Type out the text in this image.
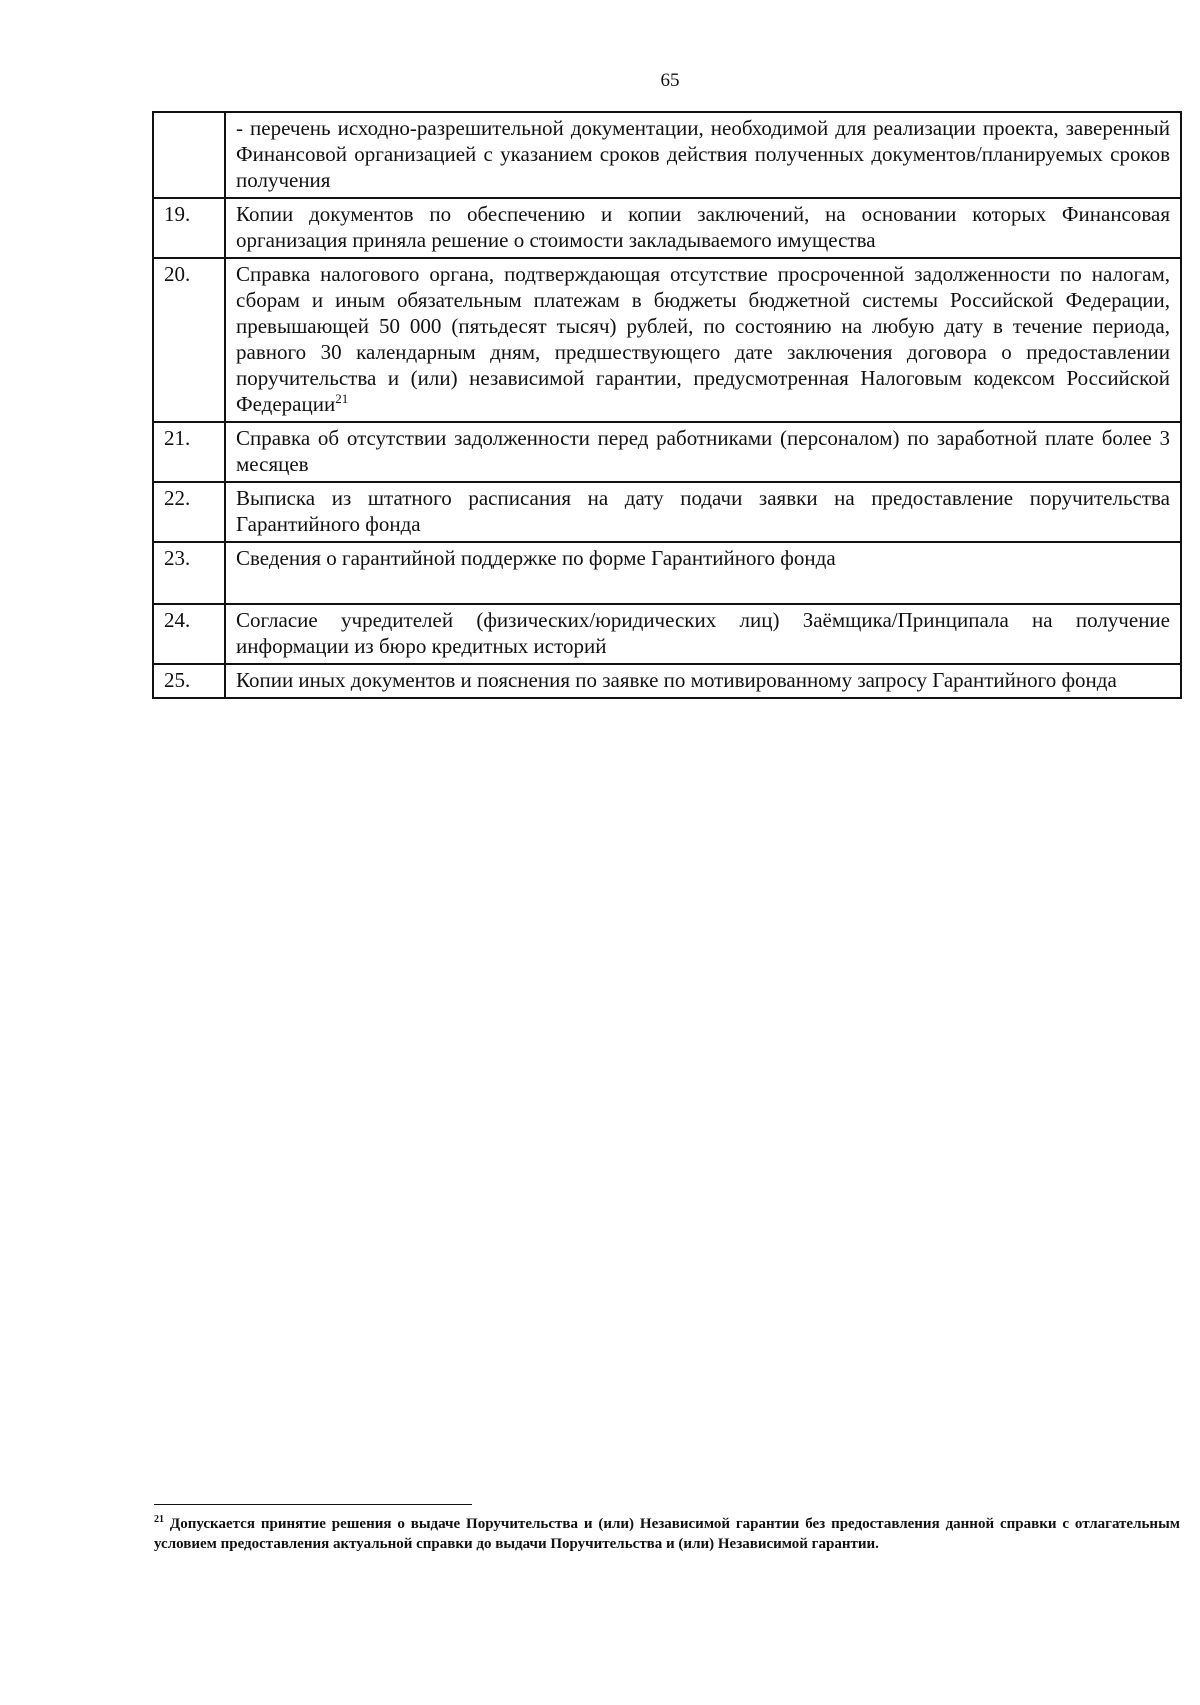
65
	- перечень исходно-разрешительной документации, необходимой для реализации проекта, заверенный Финансовой организацией с указанием сроков действия полученных документов/планируемых сроков получения
19.	Копии документов по обеспечению и копии заключений, на основании которых Финансовая организация приняла решение о стоимости закладываемого имущества
20.	Справка налогового органа, подтверждающая отсутствие просроченной задолженности по налогам, сборам и иным обязательным платежам в бюджеты бюджетной системы Российской Федерации, превышающей 50 000 (пятьдесят тысяч) рублей, по состоянию на любую дату в течение периода, равного 30 календарным дням, предшествующего дате заключения договора о предоставлении поручительства и (или) независимой гарантии, предусмотренная Налоговым кодексом Российской Федерации$^{21}$
21.	Справка об отсутствии задолженности перед работниками (персоналом) по заработной плате более 3 месяцев
22.	Выписка из штатного расписания на дату подачи заявки на предоставление поручительства Гарантийного фонда
23.	Сведения о гарантийной поддержке по форме Гарантийного фонда
24.	Согласие учредителей (физических/юридических лиц) Заёмщика/Принципала на получение информации из бюро кредитных историй
25.	Копии иных документов и пояснения по заявке по мотивированному запросу Гарантийного фонда
$^{21}$ Допускается принятие решения о выдаче Поручительства и (или) Независимой гарантии без предоставления данной справки с отлагательным условием предоставления актуальной справки до выдачи Поручительства и (или) Независимой гарантии.
